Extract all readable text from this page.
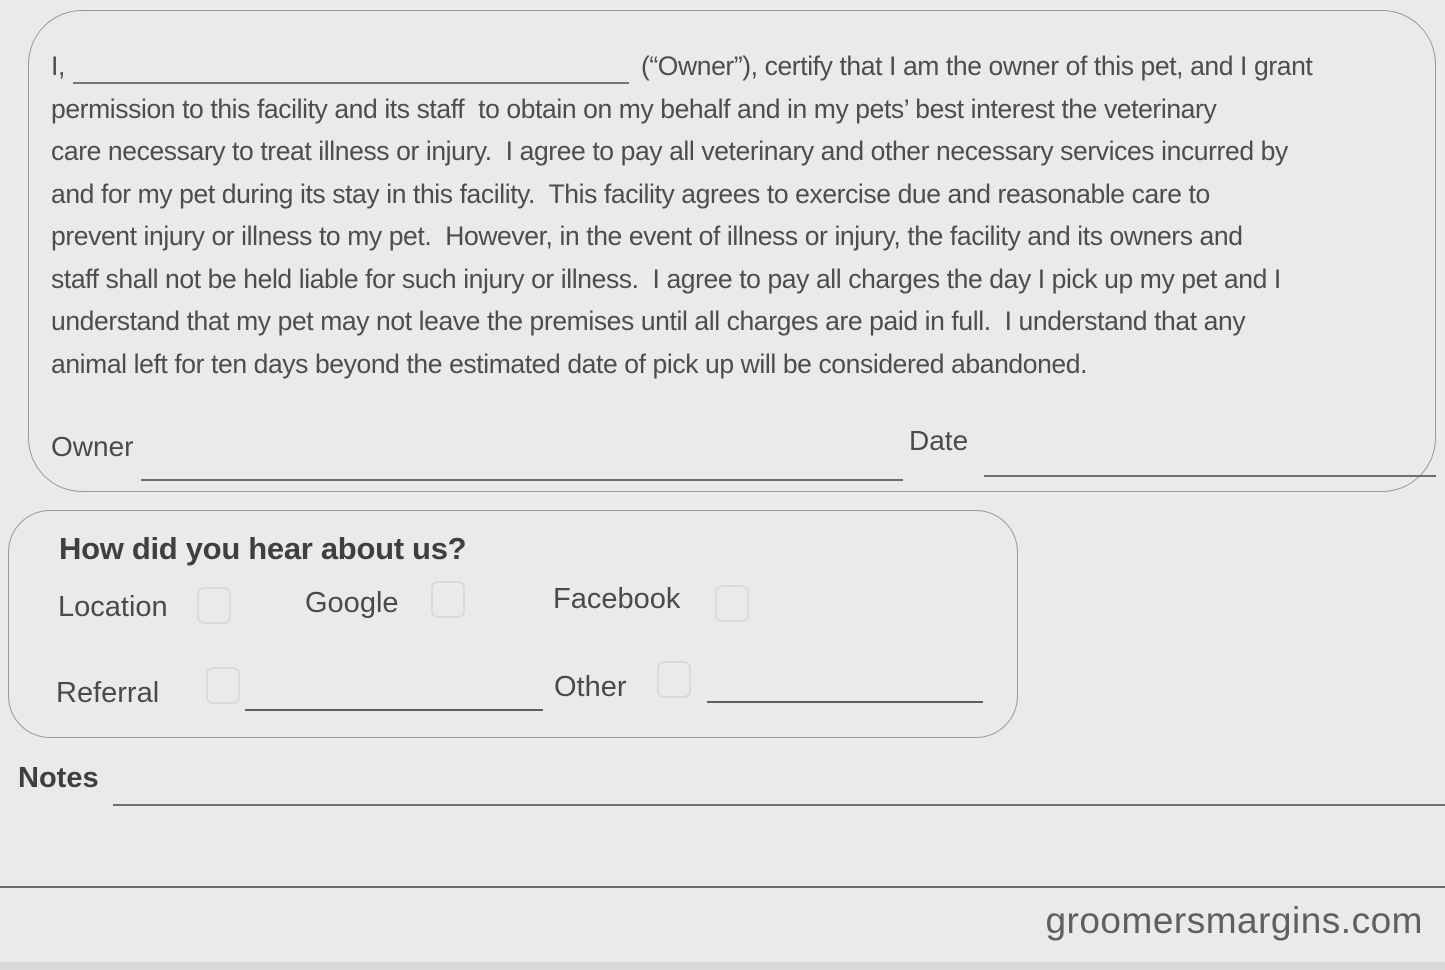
I,	(“Owner”), certify that I am the owner of this pet, and I grant
permission to this facility and its staff  to obtain on my behalf and in my pets’ best interest the veterinary
care necessary to treat illness or injury.  I agree to pay all veterinary and other necessary services incurred by
and for my pet during its stay in this facility.  This facility agrees to exercise due and reasonable care to
prevent injury or illness to my pet.  However, in the event of illness or injury, the facility and its owners and
staff shall not be held liable for such injury or illness.  I agree to pay all charges the day I pick up my pet and I
understand that my pet may not leave the premises until all charges are paid in full.  I understand that any
animal left for ten days beyond the estimated date of pick up will be considered abandoned.
Owner	Date
How did you hear about us?
Location	Google	Facebook
Referral	Other
Notes
groomersmargins.com
